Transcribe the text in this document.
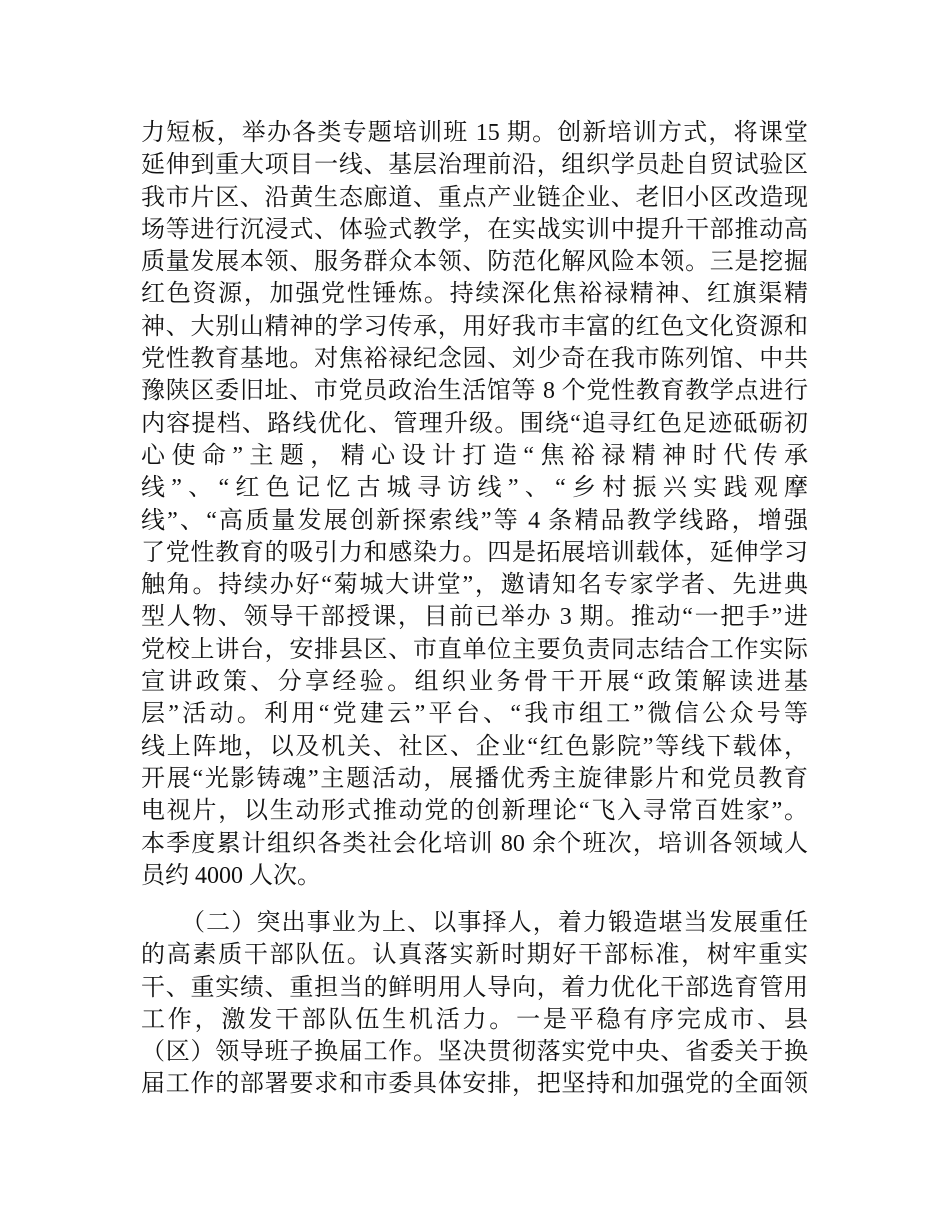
力短板，举办各类专题培训班 15 期。创新培训方式，将课堂
延伸到重大项目一线、基层治理前沿，组织学员赴自贸试验区
我市片区、沿黄生态廊道、重点产业链企业、老旧小区改造现
场等进行沉浸式、体验式教学，在实战实训中提升干部推动高
质量发展本领、服务群众本领、防范化解风险本领。三是挖掘
红色资源，加强党性锤炼。持续深化焦裕禄精神、红旗渠精
神、大别山精神的学习传承，用好我市丰富的红色文化资源和
党性教育基地。对焦裕禄纪念园、刘少奇在我市陈列馆、中共
豫陕区委旧址、市党员政治生活馆等 8 个党性教育教学点进行
内容提档、路线优化、管理升级。围绕“追寻红色足迹砥砺初
心使命”主题，精心设计打造“焦裕禄精神时代传承
线”、“红色记忆古城寻访线”、“乡村振兴实践观摩
线”、“高质量发展创新探索线”等 4 条精品教学线路，增强
了党性教育的吸引力和感染力。四是拓展培训载体，延伸学习
触角。持续办好“菊城大讲堂”，邀请知名专家学者、先进典
型人物、领导干部授课，目前已举办 3 期。推动“一把手”进
党校上讲台，安排县区、市直单位主要负责同志结合工作实际
宣讲政策、分享经验。组织业务骨干开展“政策解读进基
层”活动。利用“党建云”平台、“我市组工”微信公众号等
线上阵地，以及机关、社区、企业“红色影院”等线下载体，
开展“光影铸魂”主题活动，展播优秀主旋律影片和党员教育
电视片，以生动形式推动党的创新理论“飞入寻常百姓家”。
本季度累计组织各类社会化培训 80 余个班次，培训各领域人
员约 4000 人次。
（二）突出事业为上、以事择人，着力锻造堪当发展重任
的高素质干部队伍。认真落实新时期好干部标准，树牢重实
干、重实绩、重担当的鲜明用人导向，着力优化干部选育管用
工作，激发干部队伍生机活力。一是平稳有序完成市、县
（区）领导班子换届工作。坚决贯彻落实党中央、省委关于换
届工作的部署要求和市委具体安排，把坚持和加强党的全面领
